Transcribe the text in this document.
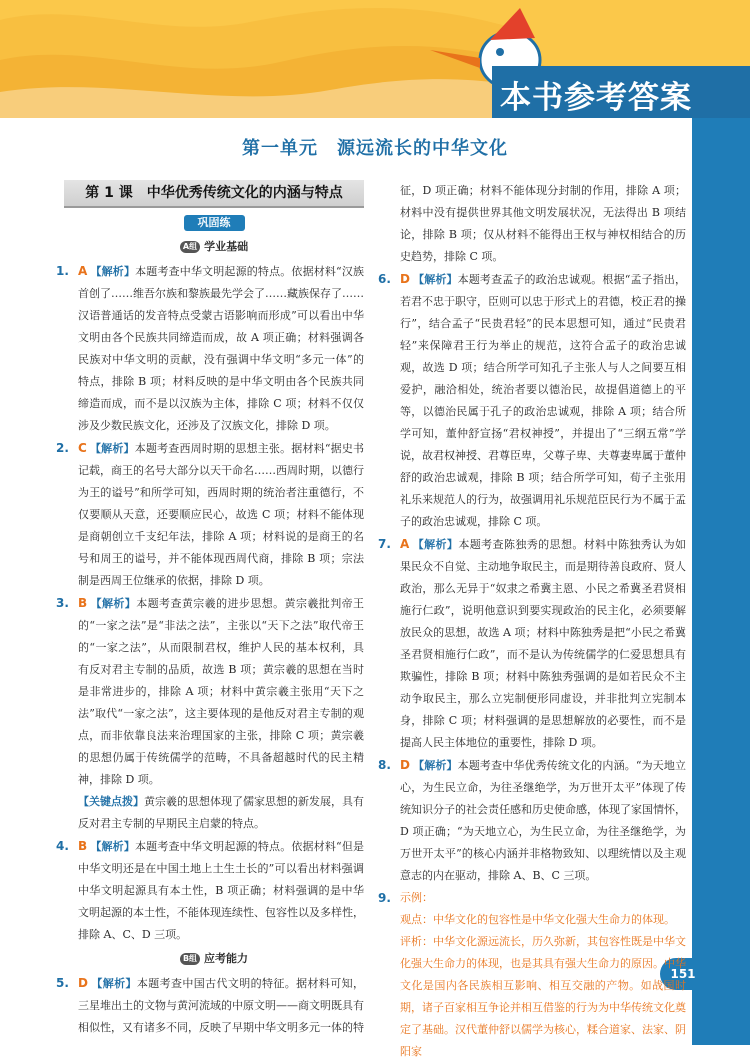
本书参考答案
151
第一单元　源远流长的中华文化
第 1 课　中华优秀传统文化的内涵与特点
巩固练
A组 学业基础

1. A 【解析】本题考查中华文明起源的特点。依据材料“汉族首创了……维吾尔族和黎族最先学会了……藏族保存了……汉语普通话的发音特点受蒙古语影响而形成”可以看出中华文明由各个民族共同缔造而成，故 A 项正确；材料强调各民族对中华文明的贡献，没有强调中华文明“多元一体”的特点，排除 B 项；材料反映的是中华文明由各个民族共同缔造而成，而不是以汉族为主体，排除 C 项；材料不仅仅涉及少数民族文化，还涉及了汉族文化，排除 D 项。

2. C 【解析】本题考查西周时期的思想主张。据材料“据史书记载，商王的名号大部分以天干命名……西周时期，以德行为王的谥号”和所学可知，西周时期的统治者注重德行，不仅要顺从天意，还要顺应民心，故选 C 项；材料不能体现是商朝创立千支纪年法，排除 A 项；材料说的是商王的名号和周王的谥号，并不能体现西周代商，排除 B 项；宗法制是西周王位继承的依据，排除 D 项。

3. B 【解析】本题考查黄宗羲的进步思想。黄宗羲批判帝王的“一家之法”是“非法之法”，主张以“天下之法”取代帝王的“一家之法”，从而限制君权，维护人民的基本权利，具有反对君主专制的品质，故选 B 项；黄宗羲的思想在当时是非常进步的，排除 A 项；材料中黄宗羲主张用“天下之法”取代“一家之法”，这主要体现的是他反对君主专制的观点，而非依靠良法来治理国家的主张，排除 C 项；黄宗羲的思想仍属于传统儒学的范畴，不具备超越时代的民主精神，排除 D 项。

【关键点拨】黄宗羲的思想体现了儒家思想的新发展，具有反对君主专制的早期民主启蒙的特点。

4. B 【解析】本题考查中华文明起源的特点。依据材料“但是中华文明还是在中国土地上土生土长的”可以看出材料强调中华文明起源具有本土性，B 项正确；材料强调的是中华文明起源的本土性，不能体现连续性、包容性以及多样性，排除 A、C、D 三项。

B组 应考能力

5. D 【解析】本题考查中国古代文明的特征。据材料可知，三星堆出土的文物与黄河流域的中原文明——商文明既具有相似性，又有诸多不同，反映了早期中华文明多元一体的特

征，D 项正确；材料不能体现分封制的作用，排除 A 项；材料中没有提供世界其他文明发展状况，无法得出 B 项结论，排除 B 项；仅从材料不能得出王权与神权相结合的历史趋势，排除 C 项。

6. D 【解析】本题考查孟子的政治忠诚观。根据“孟子指出，若君不忠于职守，臣则可以忠于形式上的君德，校正君的操行”，结合孟子“民贵君轻”的民本思想可知，通过“民贵君轻”来保障君王行为举止的规范，这符合孟子的政治忠诚观，故选 D 项；结合所学可知孔子主张人与人之间要互相爱护，融洽相处，统治者要以德治民，故提倡道德上的平等，以德治民属于孔子的政治忠诚观，排除 A 项；结合所学可知，董仲舒宣扬“君权神授”，并提出了“三纲五常”学说，故君权神授、君尊臣卑，父尊子卑、夫尊妻卑属于董仲舒的政治忠诚观，排除 B 项；结合所学可知，荀子主张用礼乐来规范人的行为，故强调用礼乐规范臣民行为不属于孟子的政治忠诚观，排除 C 项。

7. A 【解析】本题考查陈独秀的思想。材料中陈独秀认为如果民众不自觉、主动地争取民主，而是期待善良政府、贤人政治，那么无异于“奴隶之希冀主恩、小民之希冀圣君贤相施行仁政”，说明他意识到要实现政治的民主化，必须要解放民众的思想，故选 A 项；材料中陈独秀是把“小民之希冀圣君贤相施行仁政”，而不是认为传统儒学的仁爱思想具有欺骗性，排除 B 项；材料中陈独秀强调的是如若民众不主动争取民主，那么立宪制便形同虚设，并非批判立宪制本身，排除 C 项；材料强调的是思想解放的必要性，而不是提高人民主体地位的重要性，排除 D 项。

8. D 【解析】本题考查中华优秀传统文化的内涵。“为天地立心，为生民立命，为往圣继绝学，为万世开太平”体现了传统知识分子的社会责任感和历史使命感，体现了家国情怀，D 项正确；“为天地立心，为生民立命，为往圣继绝学，为万世开太平”的核心内涵并非格物致知、以理统情以及主观意志的内在驱动，排除 A、B、C 三项。

9. 示例：

观点：中华文化的包容性是中华文化强大生命力的体现。

评析：中华文化源远流长，历久弥新，其包容性既是中华文化强大生命力的体现，也是其具有强大生命力的原因。中华文化是国内各民族相互影响、相互交融的产物。如战国时期，诸子百家相互争论并相互借鉴的行为为中华传统文化奠定了基础。汉代董仲舒以儒学为核心，糅合道家、法家、阴阳家
